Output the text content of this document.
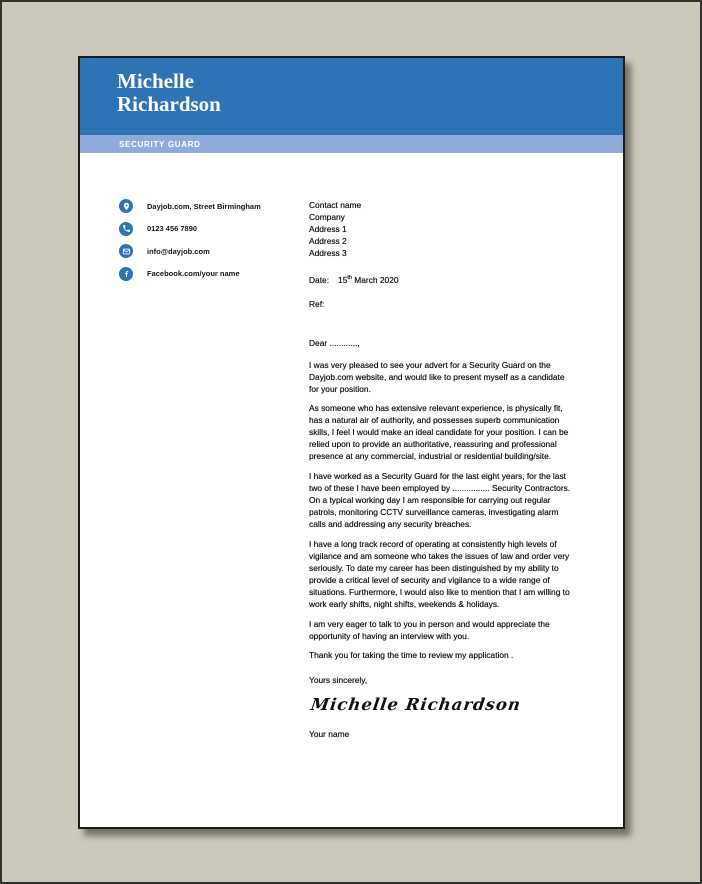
Michelle
Richardson
SECURITY GUARD
Dayjob.com, Street Birmingham
0123 456 7890
info@dayjob.com
Facebook.com/your name
Contact name
Company
Address 1
Address 2
Address 3
Date: 15th March 2020
Ref:
Dear ............,

I was very pleased to see your advert for a Security Guard on the Dayjob.com website, and would like to present myself as a candidate for your position.

As someone who has extensive relevant experience, is physically fit, has a natural air of authority, and possesses superb communication skills, I feel I would make an ideal candidate for your position. I can be relied upon to provide an authoritative, reassuring and professional presence at any commercial, industrial or residential building/site.

I have worked as a Security Guard for the last eight years, for the last two of these I have been employed by ................ Security Contractors. On a typical working day I am responsible for carrying out regular patrols, monitoring CCTV surveillance cameras, investigating alarm calls and addressing any security breaches.

I have a long track record of operating at consistently high levels of vigilance and am someone who takes the issues of law and order very seriously. To date my career has been distinguished by my ability to provide a critical level of security and vigilance to a wide range of situations. Furthermore, I would also like to mention that I am willing to work early shifts, night shifts, weekends & holidays.

I am very eager to talk to you in person and would appreciate the opportunity of having an interview with you.

Thank you for taking the time to review my application .

Yours sincerely,
Michelle Richardson
Your name
